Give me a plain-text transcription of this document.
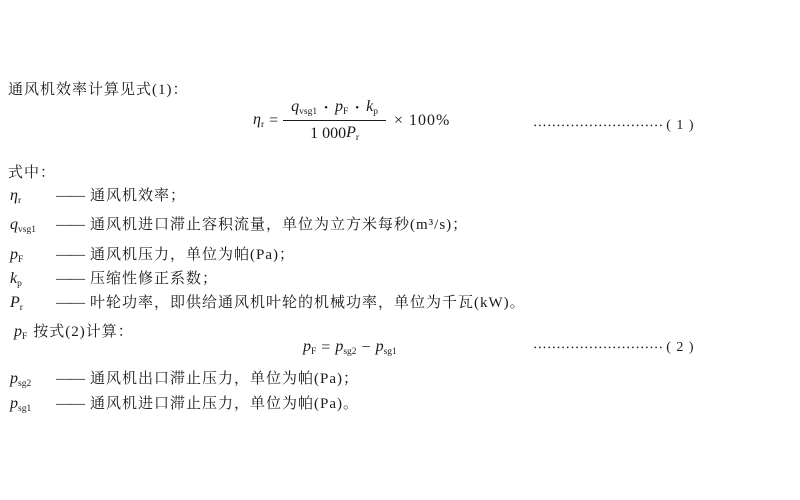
通风机效率计算见式(1)：

$\eta_r = \frac{q_{vsg1} • p_F • k_p}{1 000 P_r} \times 100\%$	•••••••••••••••••••••••••••• ( 1 )

式中：

$\eta_r$	—— 通风机效率；
$q_{vsg1}$	—— 通风机进口滞止容积流量，单位为立方米每秒(m³/s)；
$p_F$	—— 通风机压力，单位为帕(Pa)；
$k_p$	—— 压缩性修正系数；
$P_r$	—— 叶轮功率，即供给通风机叶轮的机械功率，单位为千瓦(kW)。
$p_F$ 按式(2)计算：
$p_F = p_{sg2} - p_{sg1}$	•••••••••••••••••••••••••••• ( 2 )
$p_{sg2}$	—— 通风机出口滞止压力，单位为帕(Pa)；
$p_{sg1}$	—— 通风机进口滞止压力，单位为帕(Pa)。
